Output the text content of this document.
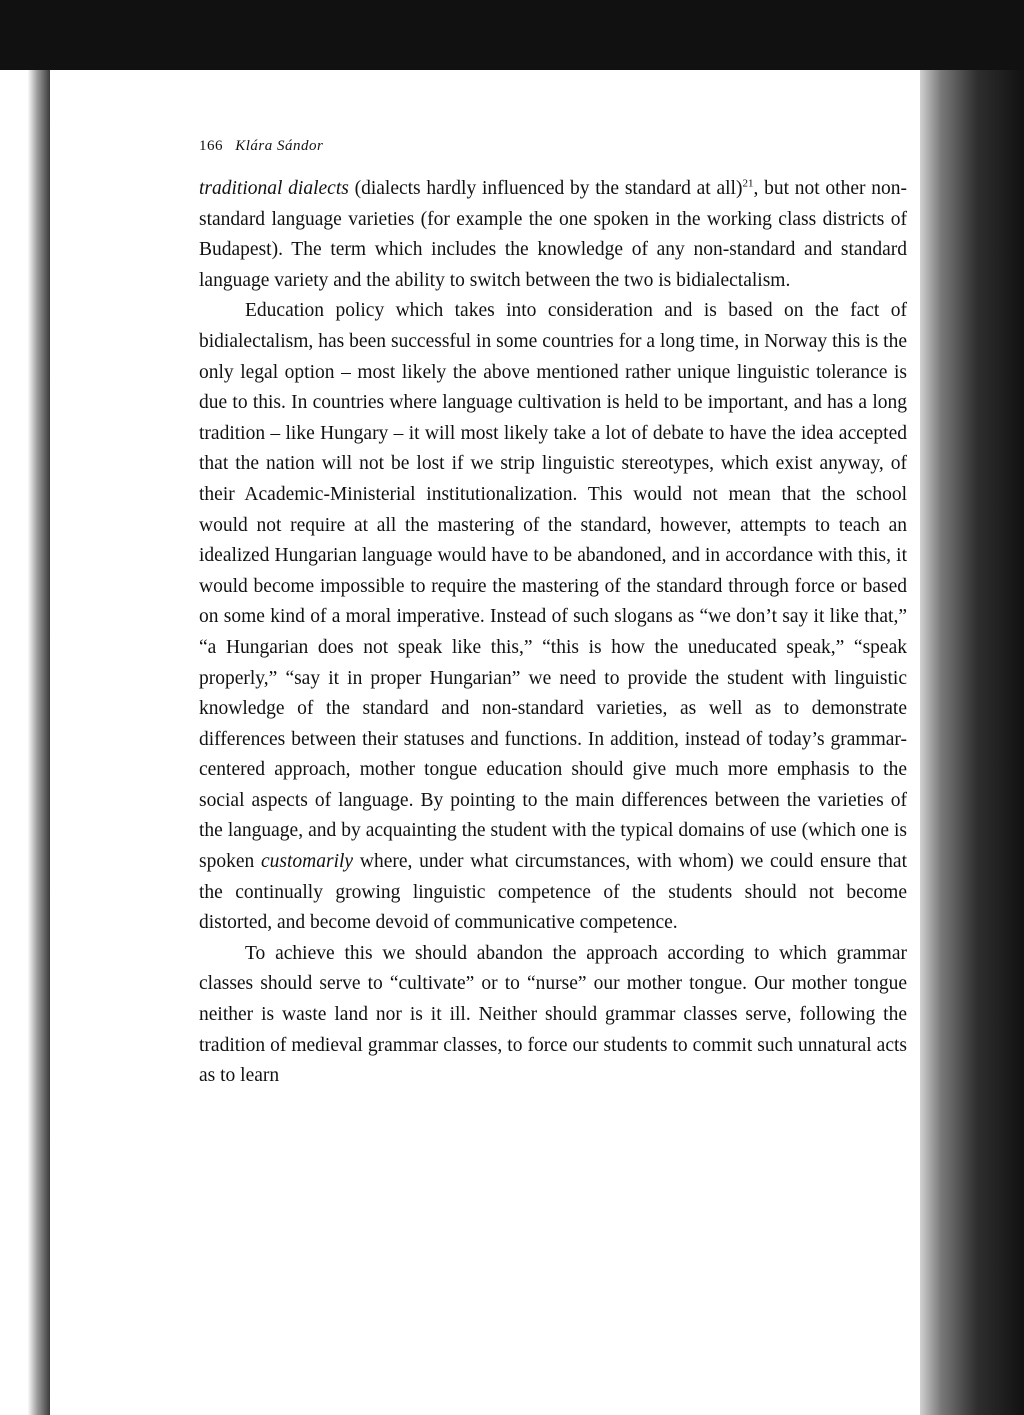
166 Klára Sándor

traditional dialects (dialects hardly influenced by the standard at all)$^{21}$, but not other non-standard language varieties (for example the one spoken in the working class districts of Budapest). The term which includes the knowledge of any non-standard and standard language variety and the ability to switch between the two is bidialectalism.

Education policy which takes into consideration and is based on the fact of bidialectalism, has been successful in some countries for a long time, in Norway this is the only legal option – most likely the above mentioned rather unique linguistic tolerance is due to this. In countries where language cultivation is held to be important, and has a long tradition – like Hungary – it will most likely take a lot of debate to have the idea accepted that the nation will not be lost if we strip linguistic stereotypes, which exist anyway, of their Academic-Ministerial institutionalization. This would not mean that the school would not require at all the mastering of the standard, however, attempts to teach an idealized Hungarian language would have to be abandoned, and in accordance with this, it would become impossible to require the mastering of the standard through force or based on some kind of a moral imperative. Instead of such slogans as “we don’t say it like that,” “a Hungarian does not speak like this,” “this is how the uneducated speak,” “speak properly,” “say it in proper Hungarian” we need to provide the student with linguistic knowledge of the standard and non-standard varieties, as well as to demonstrate differences between their statuses and functions. In addition, instead of today’s grammar-centered approach, mother tongue education should give much more emphasis to the social aspects of language. By pointing to the main differences between the varieties of the language, and by acquainting the student with the typical domains of use (which one is spoken customarily where, under what circumstances, with whom) we could ensure that the continually growing linguistic competence of the students should not become distorted, and become devoid of communicative competence.

To achieve this we should abandon the approach according to which grammar classes should serve to “cultivate” or to “nurse” our mother tongue. Our mother tongue neither is waste land nor is it ill. Neither should grammar classes serve, following the tradition of medieval grammar classes, to force our students to commit such unnatural acts as to learn
